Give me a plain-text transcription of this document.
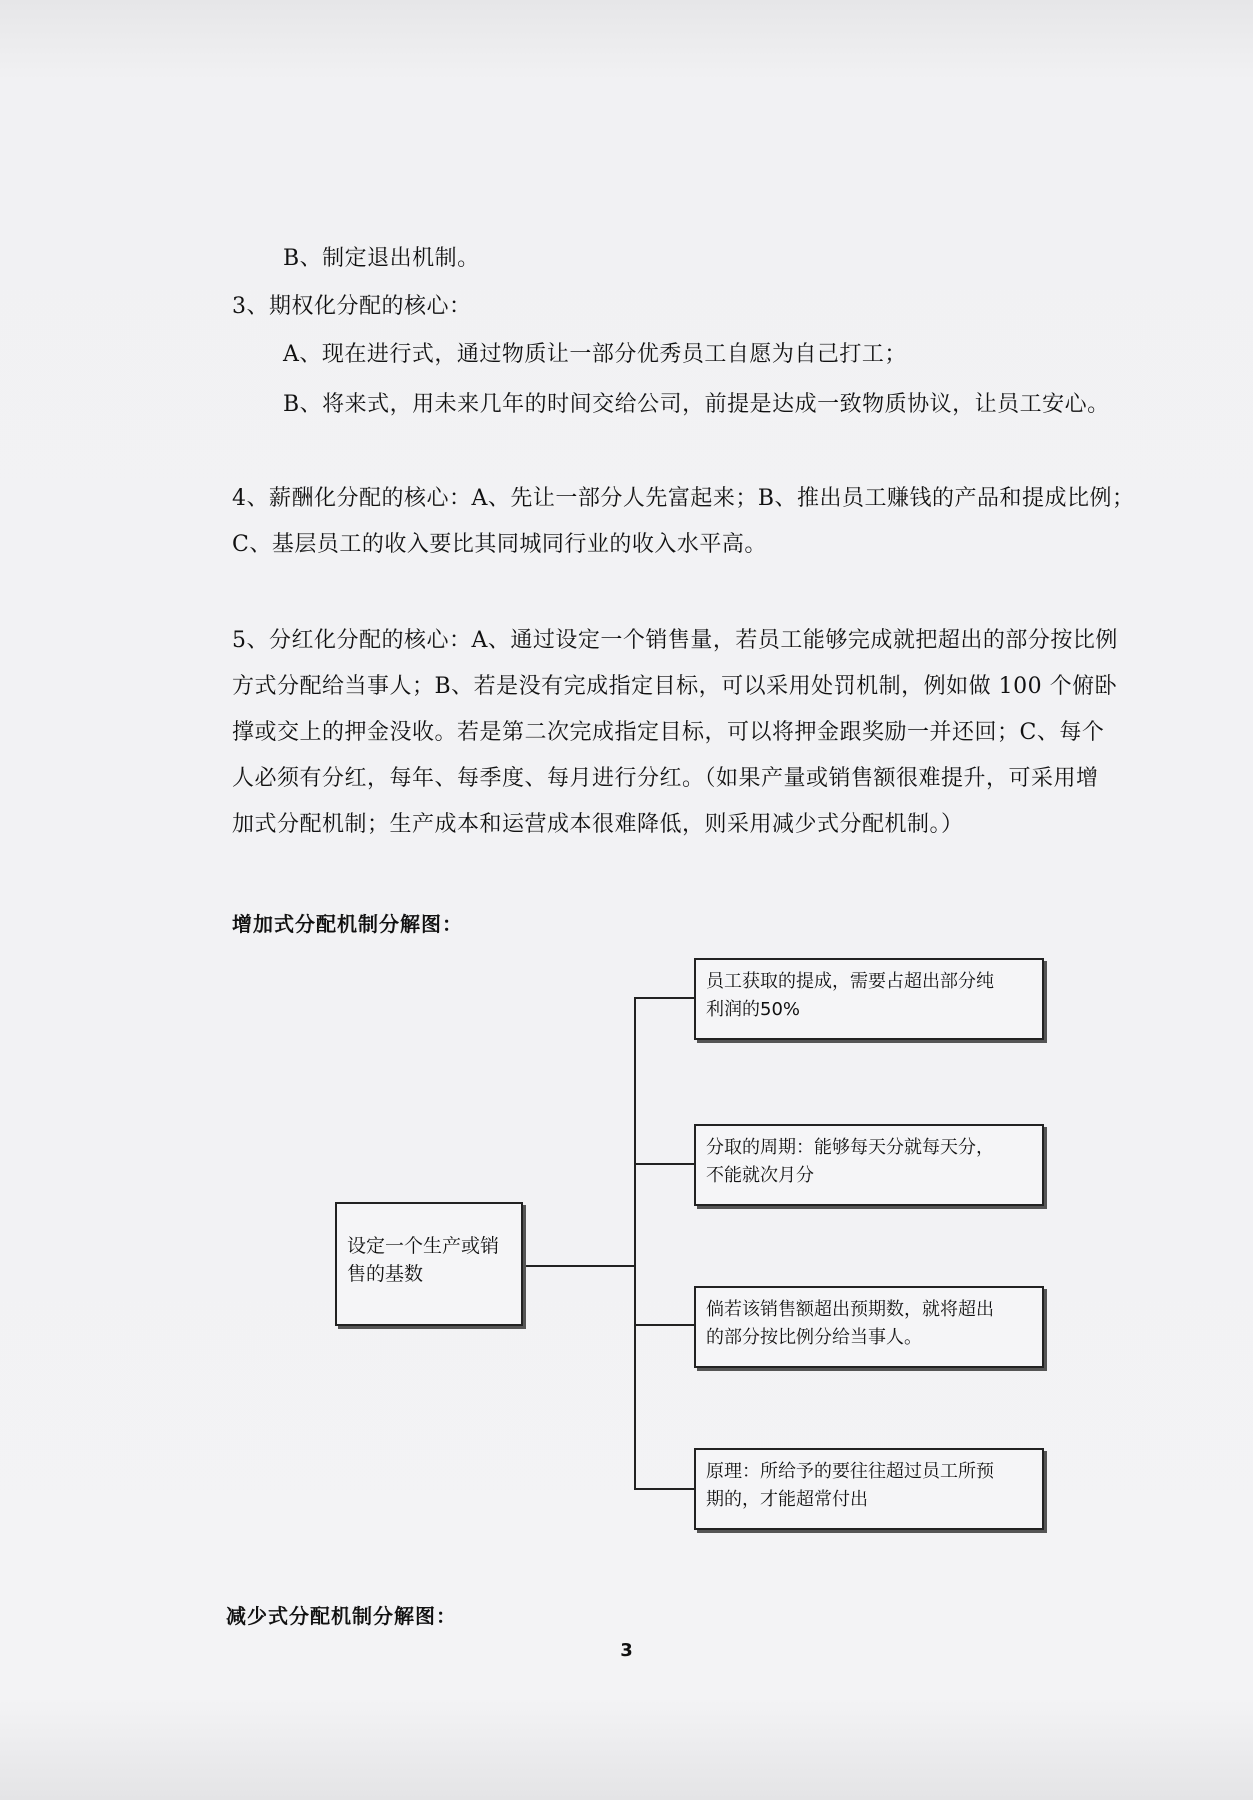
B、制定退出机制。
3、期权化分配的核心：
A、现在进行式，通过物质让一部分优秀员工自愿为自己打工；
B、将来式，用未来几年的时间交给公司，前提是达成一致物质协议，让员工安心。
4、薪酬化分配的核心：A、先让一部分人先富起来；B、推出员工赚钱的产品和提成比例；
C、基层员工的收入要比其同城同行业的收入水平高。
5、分红化分配的核心：A、通过设定一个销售量，若员工能够完成就把超出的部分按比例
方式分配给当事人；B、若是没有完成指定目标，可以采用处罚机制，例如做 100 个俯卧
撑或交上的押金没收。若是第二次完成指定目标，可以将押金跟奖励一并还回；C、每个
人必须有分红，每年、每季度、每月进行分红。（如果产量或销售额很难提升，可采用增
加式分配机制；生产成本和运营成本很难降低，则采用减少式分配机制。）
增加式分配机制分解图：
设定一个生产或销
售的基数
员工获取的提成，需要占超出部分纯
利润的50%
分取的周期：能够每天分就每天分，
不能就次月分
倘若该销售额超出预期数，就将超出
的部分按比例分给当事人。
原理：所给予的要往往超过员工所预
期的，才能超常付出
减少式分配机制分解图：
3
